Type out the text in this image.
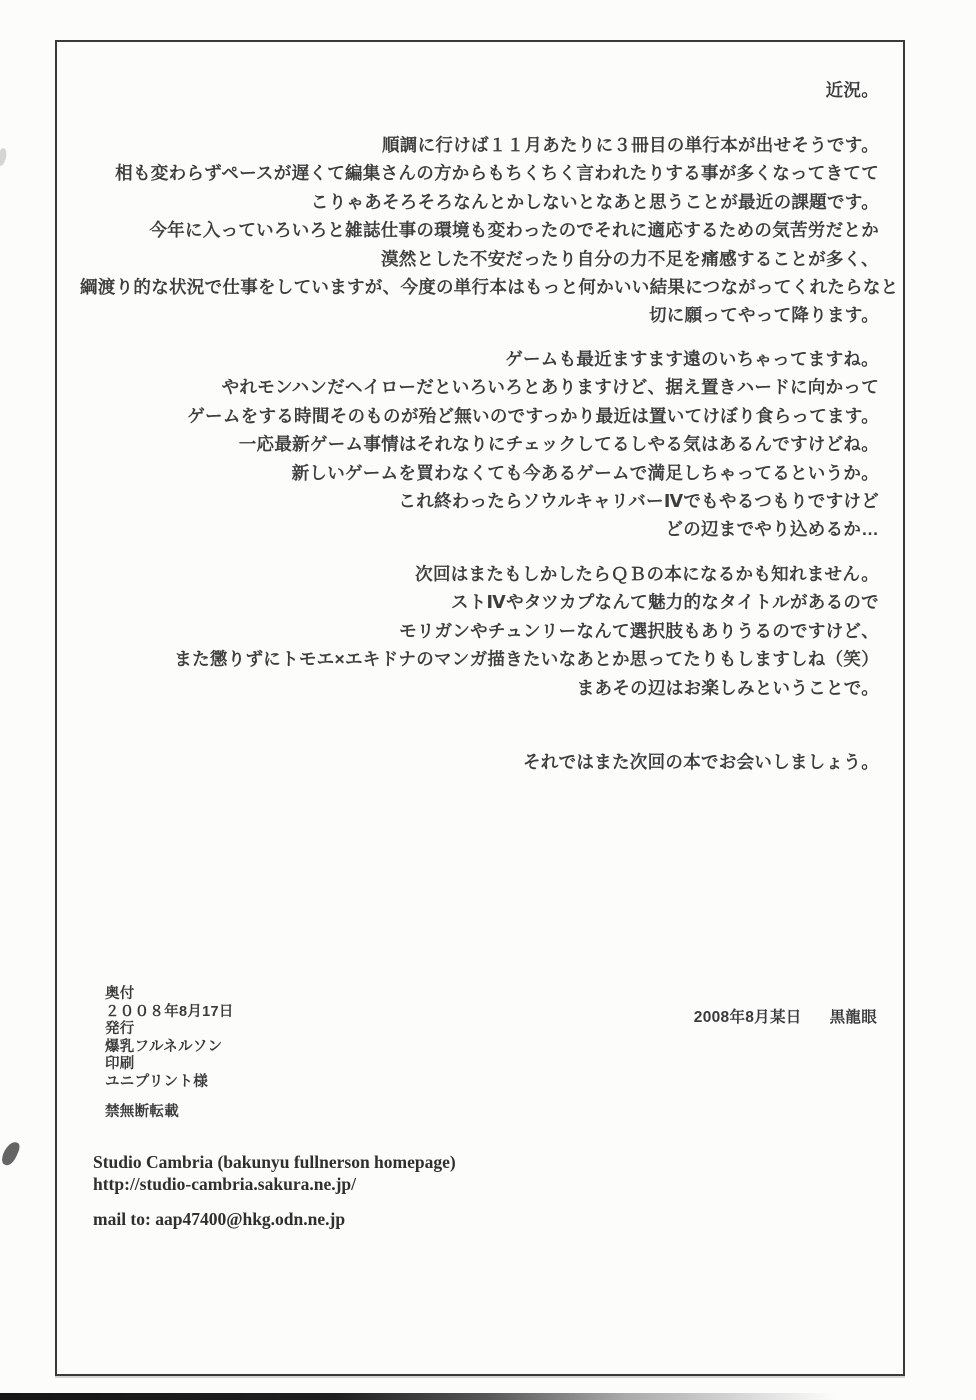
近況。
順調に行けば１１月あたりに３冊目の単行本が出せそうです。
相も変わらずペースが遅くて編集さんの方からもちくちく言われたりする事が多くなってきてて
こりゃあそろそろなんとかしないとなあと思うことが最近の課題です。
今年に入っていろいろと雑誌仕事の環境も変わったのでそれに適応するための気苦労だとか
漠然とした不安だったり自分の力不足を痛感することが多く、
綱渡り的な状況で仕事をしていますが、今度の単行本はもっと何かいい結果につながってくれたらなと
切に願ってやって降ります。
ゲームも最近ますます遠のいちゃってますね。
やれモンハンだヘイローだといろいろとありますけど、据え置きハードに向かって
ゲームをする時間そのものが殆ど無いのですっかり最近は置いてけぼり食らってます。
一応最新ゲーム事情はそれなりにチェックしてるしやる気はあるんですけどね。
新しいゲームを買わなくても今あるゲームで満足しちゃってるというか。
これ終わったらソウルキャリバーⅣでもやるつもりですけど
どの辺までやり込めるか…
次回はまたもしかしたらＱＢの本になるかも知れません。
ストⅣやタツカプなんて魅力的なタイトルがあるので
モリガンやチュンリーなんて選択肢もありうるのですけど、
また懲りずにトモエ×エキドナのマンガ描きたいなあとか思ってたりもしますしね（笑）
まあその辺はお楽しみということで。
それではまた次回の本でお会いしましょう。
奥付
２００８年8月17日
発行
爆乳フルネルソン
印刷
ユニプリント様
禁無断転載
2008年8月某日 黒龍眼
Studio Cambria (bakunyu fullnerson homepage)
http://studio-cambria.sakura.ne.jp/
mail to: aap47400@hkg.odn.ne.jp
